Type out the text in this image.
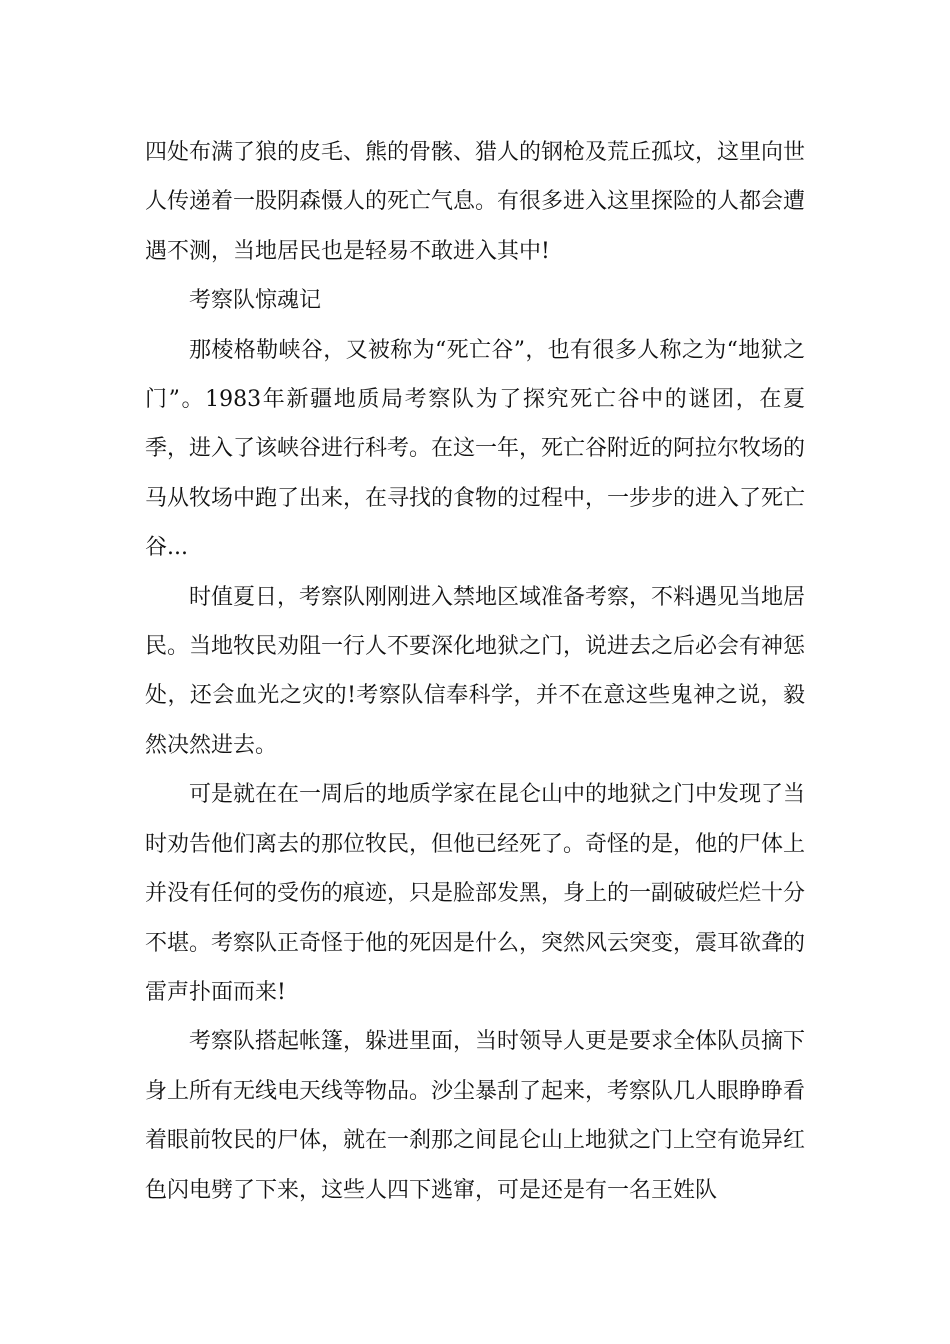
四处布满了狼的皮毛、熊的骨骸、猎人的钢枪及荒丘孤坟，这里向世人传递着一股阴森慑人的死亡气息。有很多进入这里探险的人都会遭遇不测，当地居民也是轻易不敢进入其中!

考察队惊魂记

那棱格勒峡谷，又被称为“死亡谷”，也有很多人称之为“地狱之门”。1983年新疆地质局考察队为了探究死亡谷中的谜团，在夏季，进入了该峡谷进行科考。在这一年，死亡谷附近的阿拉尔牧场的马从牧场中跑了出来，在寻找的食物的过程中，一步步的进入了死亡谷...

时值夏日，考察队刚刚进入禁地区域准备考察，不料遇见当地居民。当地牧民劝阻一行人不要深化地狱之门，说进去之后必会有神惩处，还会血光之灾的!考察队信奉科学，并不在意这些鬼神之说，毅然决然进去。

可是就在在一周后的地质学家在昆仑山中的地狱之门中发现了当时劝告他们离去的那位牧民，但他已经死了。奇怪的是，他的尸体上并没有任何的受伤的痕迹，只是脸部发黑，身上的一副破破烂烂十分不堪。考察队正奇怪于他的死因是什么，突然风云突变，震耳欲聋的雷声扑面而来!

考察队搭起帐篷，躲进里面，当时领导人更是要求全体队员摘下身上所有无线电天线等物品。沙尘暴刮了起来，考察队几人眼睁睁看着眼前牧民的尸体，就在一刹那之间昆仑山上地狱之门上空有诡异红色闪电劈了下来，这些人四下逃窜，可是还是有一名王姓队
